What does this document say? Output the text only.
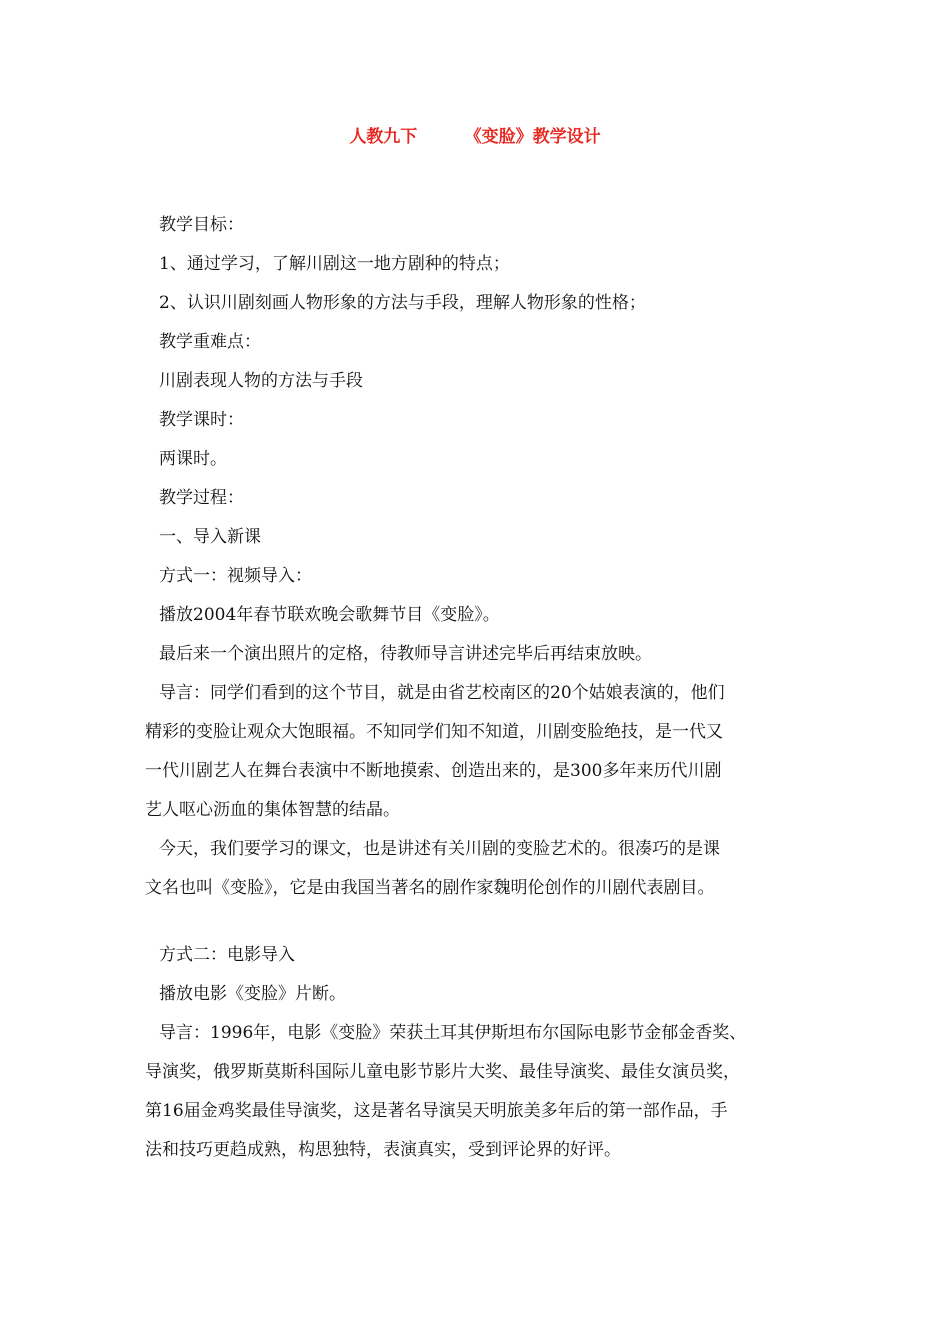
人教九下        《变脸》教学设计
教学目标：
1、通过学习，了解川剧这一地方剧种的特点；
2、认识川剧刻画人物形象的方法与手段，理解人物形象的性格；
教学重难点：
川剧表现人物的方法与手段
教学课时：
两课时。
教学过程：
一、导入新课
方式一：视频导入：
播放2004年春节联欢晚会歌舞节目《变脸》。
最后来一个演出照片的定格，待教师导言讲述完毕后再结束放映。
导言：同学们看到的这个节目，就是由省艺校南区的20个姑娘表演的，他们
精彩的变脸让观众大饱眼福。不知同学们知不知道，川剧变脸绝技，是一代又
一代川剧艺人在舞台表演中不断地摸索、创造出来的，是300多年来历代川剧
艺人呕心沥血的集体智慧的结晶。
今天，我们要学习的课文，也是讲述有关川剧的变脸艺术的。很凑巧的是课
文名也叫《变脸》，它是由我国当著名的剧作家魏明伦创作的川剧代表剧目。
方式二：电影导入
播放电影《变脸》片断。
导言：1996年，电影《变脸》荣获土耳其伊斯坦布尔国际电影节金郁金香奖、
导演奖，俄罗斯莫斯科国际儿童电影节影片大奖、最佳导演奖、最佳女演员奖，
第16届金鸡奖最佳导演奖，这是著名导演吴天明旅美多年后的第一部作品，手
法和技巧更趋成熟，构思独特，表演真实，受到评论界的好评。
